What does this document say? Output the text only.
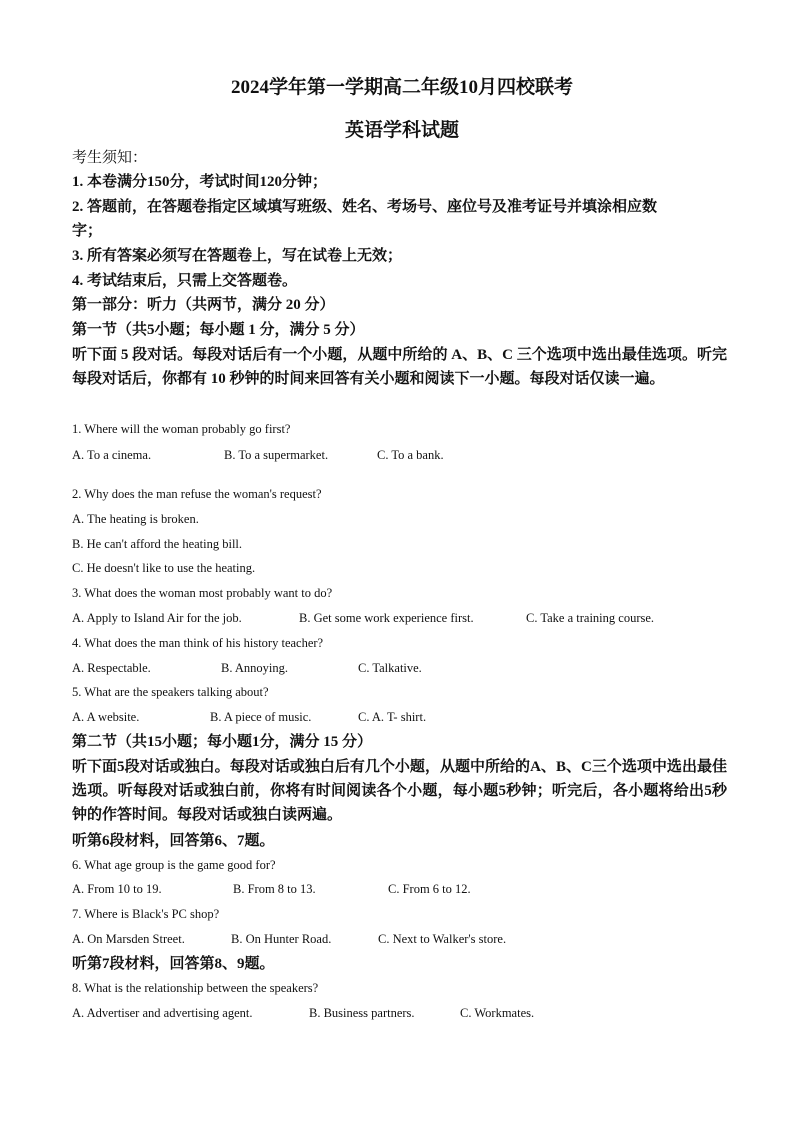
2024学年第一学期高二年级10月四校联考
英语学科试题
考生须知：
1. 本卷满分150分，考试时间120分钟；
2. 答题前，在答题卷指定区域填写班级、姓名、考场号、座位号及准考证号并填涂相应数
字；
3. 所有答案必须写在答题卷上，写在试卷上无效；
4. 考试结束后，只需上交答题卷。
第一部分：听力（共两节，满分 20 分）
第一节（共5小题；每小题 1 分，满分 5 分）
听下面 5 段对话。每段对话后有一个小题，从题中所给的 A、B、C 三个选项中选出最佳选项。听完每段对话后，你都有 10 秒钟的时间来回答有关小题和阅读下一小题。每段对话仅读一遍。
1. Where will the woman probably go first?
A. To a cinema.	B. To a supermarket.	C. To a bank.
2. Why does the man refuse the woman's request?
A. The heating is broken.
B. He can't afford the heating bill.
C. He doesn't like to use the heating.
3. What does the woman most probably want to do?
A. Apply to Island Air for the job.	B. Get some work experience first.	C. Take a training course.
4. What does the man think of his history teacher?
A. Respectable.	B. Annoying.	C. Talkative.
5. What are the speakers talking about?
A. A website.	B. A piece of music.	C. A. T- shirt.
第二节（共15小题；每小题1分，满分 15 分）
听下面5段对话或独白。每段对话或独白后有几个小题，从题中所给的A、B、C三个选项中选出最佳选项。听每段对话或独白前，你将有时间阅读各个小题，每小题5秒钟；听完后，各小题将给出5秒钟的作答时间。每段对话或独白读两遍。
听第6段材料，回答第6、7题。
6. What age group is the game good for?
A. From 10 to 19.	B. From 8 to 13.	C. From 6 to 12.
7. Where is Black's PC shop?
A. On Marsden Street.	B. On Hunter Road.	C. Next to Walker's store.
听第7段材料，回答第8、9题。
8. What is the relationship between the speakers?
A. Advertiser and advertising agent.	B. Business partners.	C. Workmates.
